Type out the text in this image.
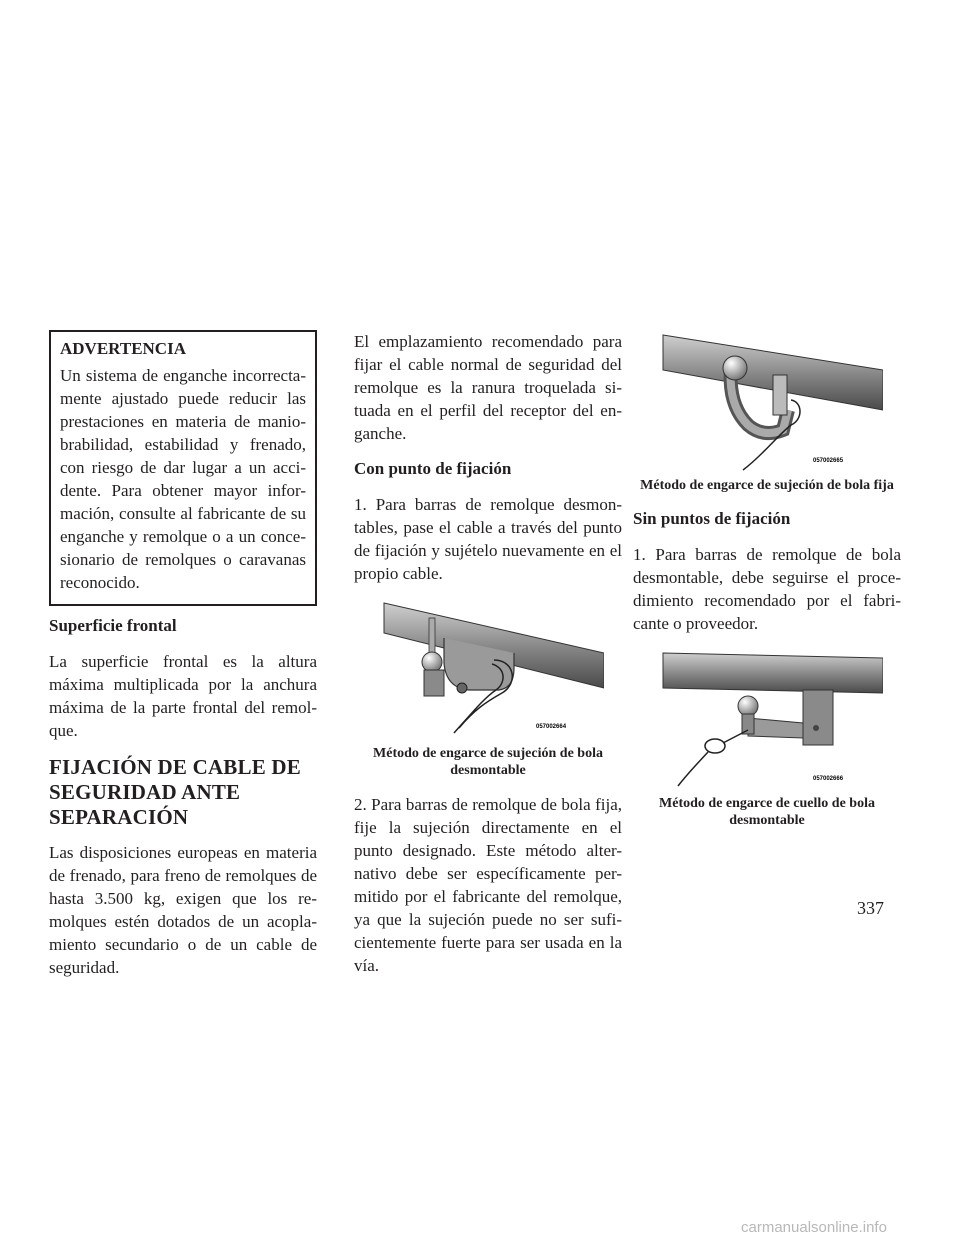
ADVERTENCIA

Un sistema de enganche incorrecta-mente ajustado puede reducir las prestaciones en materia de manio-brabilidad, estabilidad y frenado, con riesgo de dar lugar a un acci-dente. Para obtener mayor infor-mación, consulte al fabricante de su enganche y remolque o a un conce-sionario de remolques o caravanas reconocido.

Superficie frontal

La superficie frontal es la altura máxima multiplicada por la anchura máxima de la parte frontal del remol-que.

FIJACIÓN DE CABLE DE SEGURIDAD ANTE SEPARACIÓN

Las disposiciones europeas en materia de frenado, para freno de remolques de hasta 3.500 kg, exigen que los re-molques estén dotados de un acopla-miento secundario o de un cable de seguridad.

El emplazamiento recomendado para fijar el cable normal de seguridad del remolque es la ranura troquelada si-tuada en el perfil del receptor del en-ganche.

Con punto de fijación

1. Para barras de remolque desmon-tables, pase el cable a través del punto de fijación y sujételo nuevamente en el propio cable.

057002664
Método de engarce de sujeción de bola desmontable

2. Para barras de remolque de bola fija, fije la sujeción directamente en el punto designado. Este método alter-nativo debe ser específicamente per-mitido por el fabricante del remolque, ya que la sujeción puede no ser sufi-cientemente fuerte para ser usada en la vía.

057002665
Método de engarce de sujeción de bola fija
Sin puntos de fijación

1. Para barras de remolque de bola desmontable, debe seguirse el proce-dimiento recomendado por el fabri-cante o proveedor.

057002666
Método de engarce de cuello de bola desmontable
337
carmanualsonline.info
